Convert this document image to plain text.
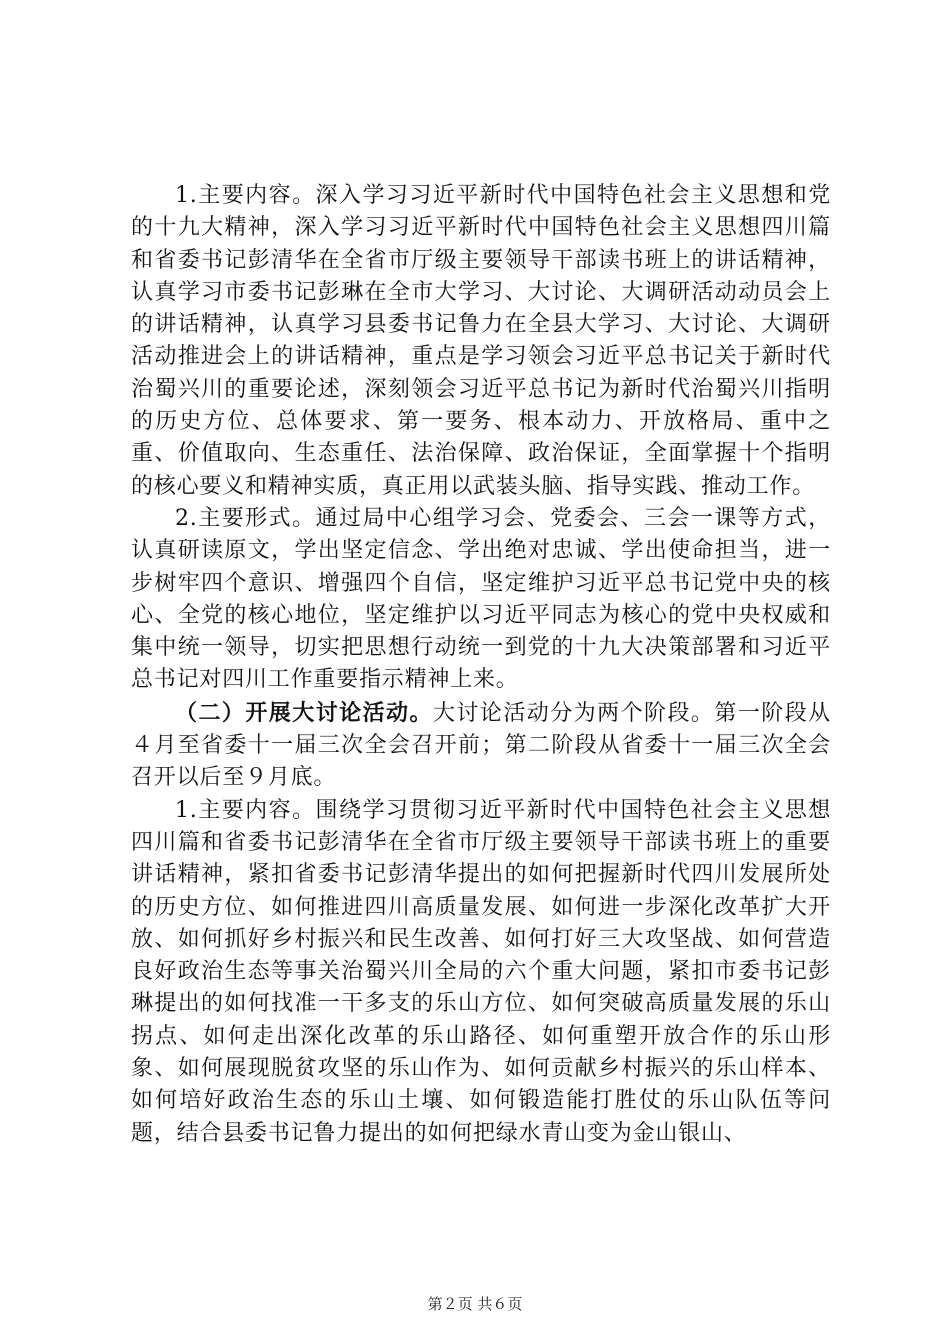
1.主要内容。深入学习习近平新时代中国特色社会主义思想和党的十九大精神，深入学习习近平新时代中国特色社会主义思想四川篇和省委书记彭清华在全省市厅级主要领导干部读书班上的讲话精神，认真学习市委书记彭琳在全市大学习、大讨论、大调研活动动员会上的讲话精神，认真学习县委书记鲁力在全县大学习、大讨论、大调研活动推进会上的讲话精神，重点是学习领会习近平总书记关于新时代治蜀兴川的重要论述，深刻领会习近平总书记为新时代治蜀兴川指明的历史方位、总体要求、第一要务、根本动力、开放格局、重中之重、价值取向、生态重任、法治保障、政治保证，全面掌握十个指明的核心要义和精神实质，真正用以武装头脑、指导实践、推动工作。

2.主要形式。通过局中心组学习会、党委会、三会一课等方式，认真研读原文，学出坚定信念、学出绝对忠诚、学出使命担当，进一步树牢四个意识、增强四个自信，坚定维护习近平总书记党中央的核心、全党的核心地位，坚定维护以习近平同志为核心的党中央权威和集中统一领导，切实把思想行动统一到党的十九大决策部署和习近平总书记对四川工作重要指示精神上来。

（二）开展大讨论活动。大讨论活动分为两个阶段。第一阶段从４月至省委十一届三次全会召开前；第二阶段从省委十一届三次全会召开以后至９月底。

1.主要内容。围绕学习贯彻习近平新时代中国特色社会主义思想四川篇和省委书记彭清华在全省市厅级主要领导干部读书班上的重要讲话精神，紧扣省委书记彭清华提出的如何把握新时代四川发展所处的历史方位、如何推进四川高质量发展、如何进一步深化改革扩大开放、如何抓好乡村振兴和民生改善、如何打好三大攻坚战、如何营造良好政治生态等事关治蜀兴川全局的六个重大问题，紧扣市委书记彭琳提出的如何找准一干多支的乐山方位、如何突破高质量发展的乐山拐点、如何走出深化改革的乐山路径、如何重塑开放合作的乐山形象、如何展现脱贫攻坚的乐山作为、如何贡献乡村振兴的乐山样本、如何培好政治生态的乐山土壤、如何锻造能打胜仗的乐山队伍等问题，结合县委书记鲁力提出的如何把绿水青山变为金山银山、

第２页 共６页
